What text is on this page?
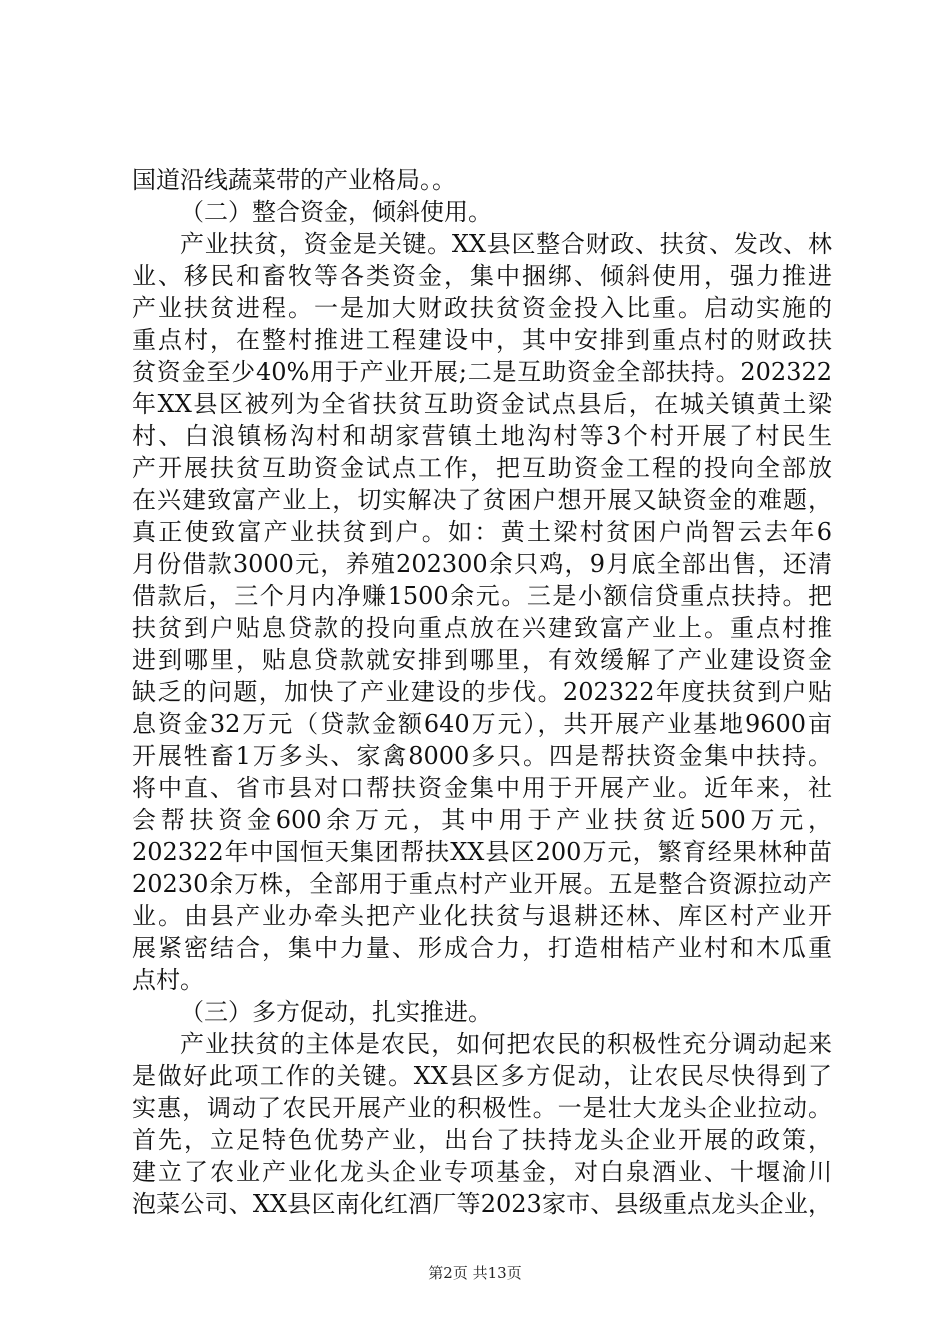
国道沿线蔬菜带的产业格局。。
（二）整合资金，倾斜使用。
产业扶贫，资金是关键。XX县区整合财政、扶贫、发改、林
业、移民和畜牧等各类资金，集中捆绑、倾斜使用，强力推进
产业扶贫进程。一是加大财政扶贫资金投入比重。启动实施的
重点村，在整村推进工程建设中，其中安排到重点村的财政扶
贫资金至少40%用于产业开展;二是互助资金全部扶持。202322
年XX县区被列为全省扶贫互助资金试点县后，在城关镇黄土梁
村、白浪镇杨沟村和胡家营镇土地沟村等3个村开展了村民生
产开展扶贫互助资金试点工作，把互助资金工程的投向全部放
在兴建致富产业上，切实解决了贫困户想开展又缺资金的难题，
真正使致富产业扶贫到户。如：黄土梁村贫困户尚智云去年6
月份借款3000元，养殖202300余只鸡，9月底全部出售，还清
借款后，三个月内净赚1500余元。三是小额信贷重点扶持。把
扶贫到户贴息贷款的投向重点放在兴建致富产业上。重点村推
进到哪里，贴息贷款就安排到哪里，有效缓解了产业建设资金
缺乏的问题，加快了产业建设的步伐。202322年度扶贫到户贴
息资金32万元（贷款金额640万元），共开展产业基地9600亩
开展牲畜1万多头、家禽8000多只。四是帮扶资金集中扶持。
将中直、省市县对口帮扶资金集中用于开展产业。近年来，社
会帮扶资金600余万元，其中用于产业扶贫近500万元，
202322年中国恒天集团帮扶XX县区200万元，繁育经果林种苗
20230余万株，全部用于重点村产业开展。五是整合资源拉动产
业。由县产业办牵头把产业化扶贫与退耕还林、库区村产业开
展紧密结合，集中力量、形成合力，打造柑桔产业村和木瓜重
点村。
（三）多方促动，扎实推进。
产业扶贫的主体是农民，如何把农民的积极性充分调动起来
是做好此项工作的关键。XX县区多方促动，让农民尽快得到了
实惠，调动了农民开展产业的积极性。一是壮大龙头企业拉动。
首先，立足特色优势产业，出台了扶持龙头企业开展的政策，
建立了农业产业化龙头企业专项基金，对白泉酒业、十堰渝川
泡菜公司、XX县区南化红酒厂等2023家市、县级重点龙头企业，
第2页 共13页
